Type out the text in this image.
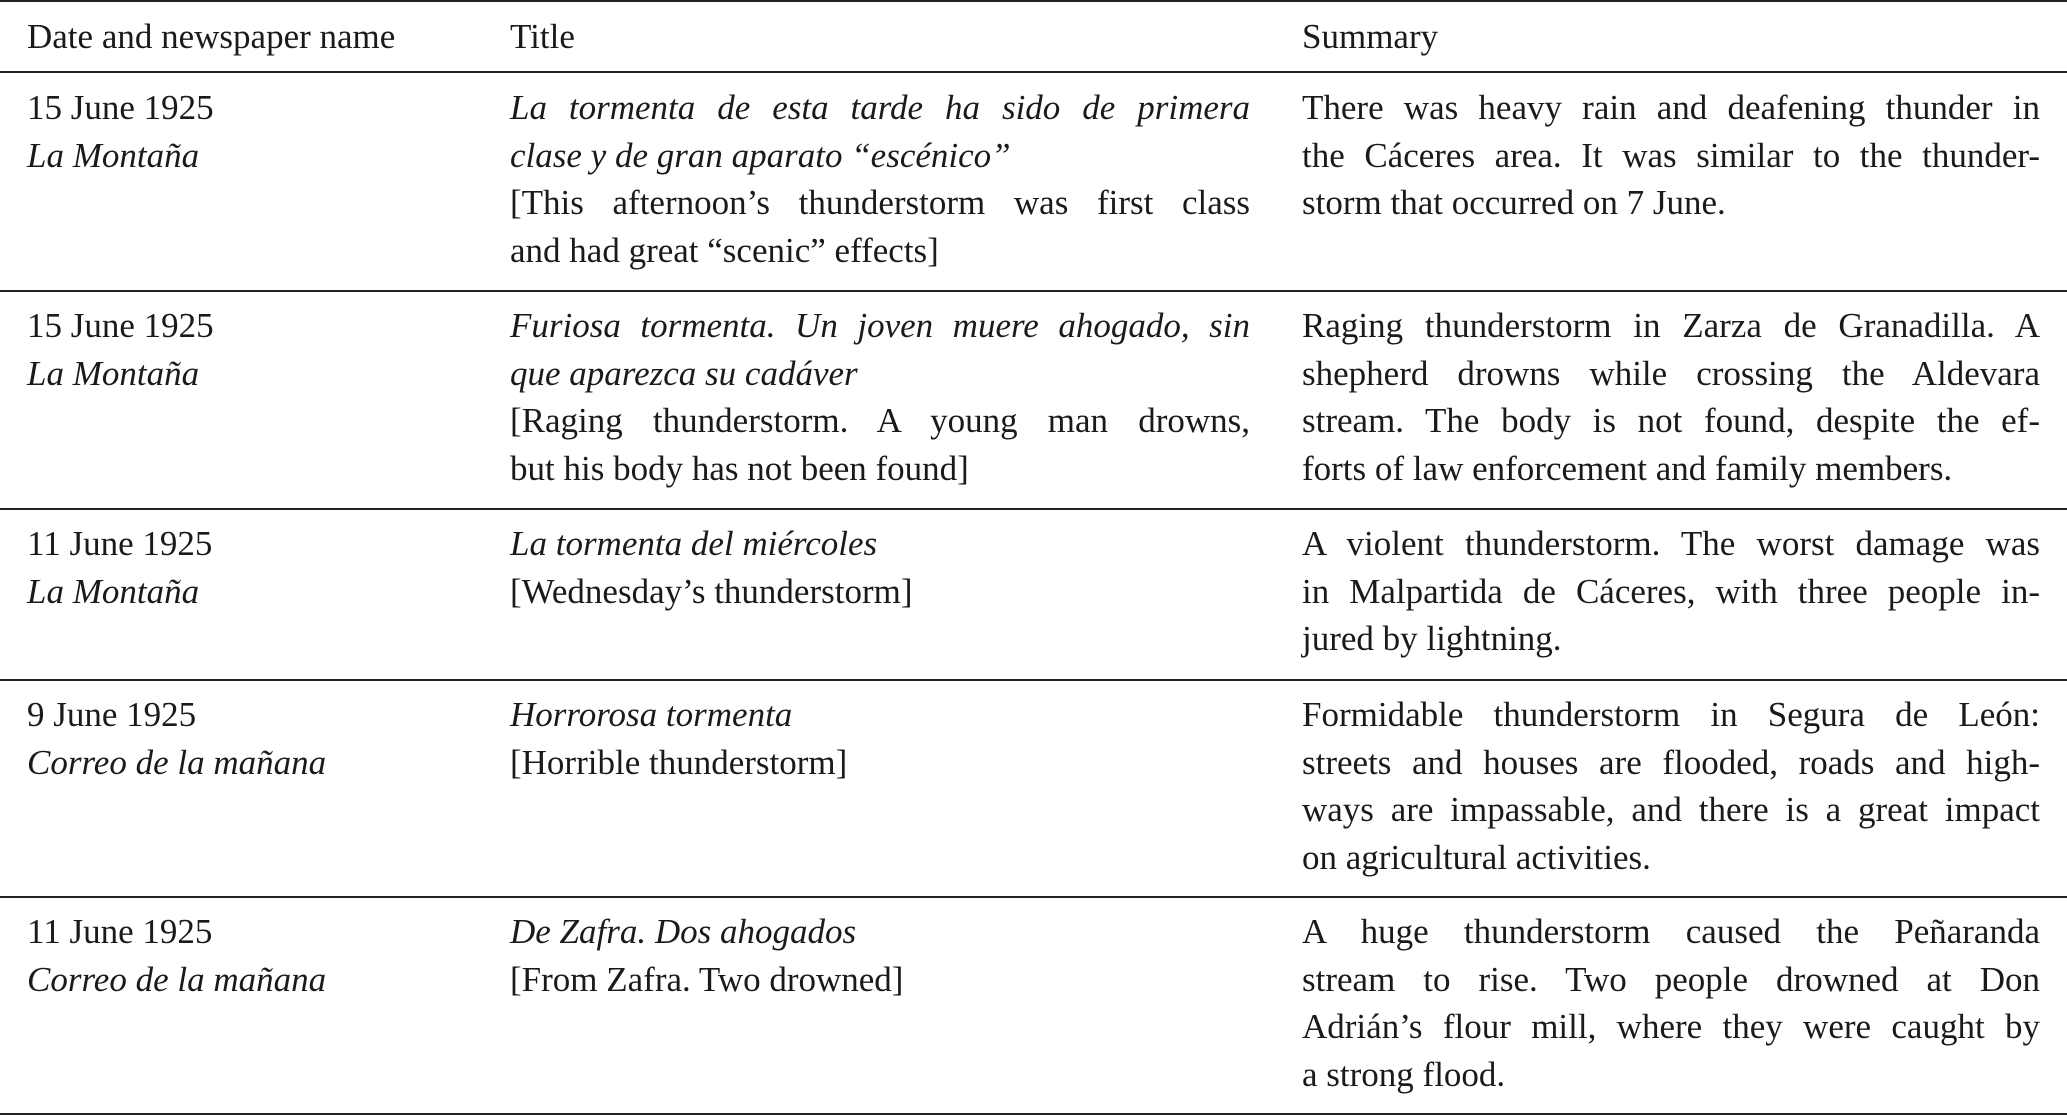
Date and newspaper name	Title	Summary
15 June 1925
La Montaña
La tormenta de esta tarde ha sido de primera
clase y de gran aparato “escénico”
[This afternoon’s thunderstorm was first class
and had great “scenic” effects]
There was heavy rain and deafening thunder in
the Cáceres area. It was similar to the thunder-
storm that occurred on 7 June.
15 June 1925
La Montaña
Furiosa tormenta. Un joven muere ahogado, sin
que aparezca su cadáver
[Raging thunderstorm. A young man drowns,
but his body has not been found]
Raging thunderstorm in Zarza de Granadilla. A
shepherd drowns while crossing the Aldevara
stream. The body is not found, despite the ef-
forts of law enforcement and family members.
11 June 1925
La Montaña
La tormenta del miércoles
[Wednesday’s thunderstorm]
A violent thunderstorm. The worst damage was
in Malpartida de Cáceres, with three people in-
jured by lightning.
9 June 1925
Correo de la mañana
Horrorosa tormenta
[Horrible thunderstorm]
Formidable thunderstorm in Segura de León:
streets and houses are flooded, roads and high-
ways are impassable, and there is a great impact
on agricultural activities.
11 June 1925
Correo de la mañana
De Zafra. Dos ahogados
[From Zafra. Two drowned]
A huge thunderstorm caused the Peñaranda
stream to rise. Two people drowned at Don
Adrián’s flour mill, where they were caught by
a strong flood.
